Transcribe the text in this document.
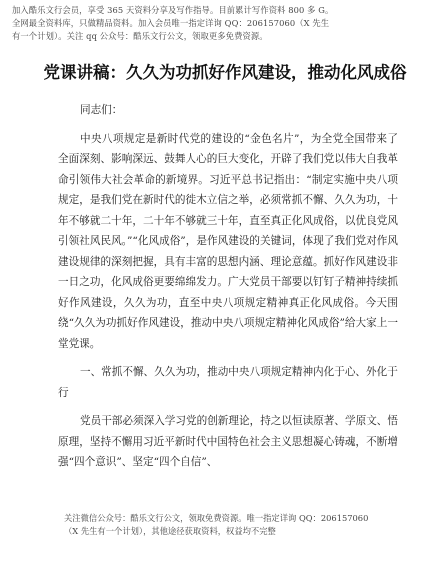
加入酷乐文行会员，享受 365 天资料分享及写作指导。目前累计写作资料 800 多 G。
全网最全资料库，只做精品资料。加入会员唯一指定详询 QQ：206157060（X 先生
有一个计划）。关注 qq 公众号：酷乐文行公文，领取更多免费资源。
党课讲稿：久久为功抓好作风建设，推动化风成俗

同志们：

中央八项规定是新时代党的建设的“金色名片”，为全党全国带来了全面深刻、影响深远、鼓舞人心的巨大变化，开辟了我们党以伟大自我革命引领伟大社会革命的新境界。习近平总书记指出：“制定实施中央八项规定，是我们党在新时代的徙木立信之举，必须常抓不懈、久久为功，十年不够就二十年，二十年不够就三十年，直至真正化风成俗，以优良党风引领社风民风。”“化风成俗”，是作风建设的关键词，体现了我们党对作风建设规律的深刻把握，具有丰富的思想内涵、理论意蕴。抓好作风建设非一日之功，化风成俗更要绵绵发力。广大党员干部要以钉钉子精神持续抓好作风建设，久久为功，直至中央八项规定精神真正化风成俗。今天围绕“久久为功抓好作风建设，推动中央八项规定精神化风成俗”给大家上一堂党课。

一、常抓不懈、久久为功，推动中央八项规定精神内化于心、外化于行

党员干部必须深入学习党的创新理论，持之以恒读原著、学原文、悟原理，坚持不懈用习近平新时代中国特色社会主义思想凝心铸魂，不断增强“四个意识”、坚定“四个自信”、

关注微信公众号：酷乐文行公文，领取免费资源。唯一指定详询 QQ：206157060
（X 先生有一个计划），其他途径获取资料，权益均不完整
